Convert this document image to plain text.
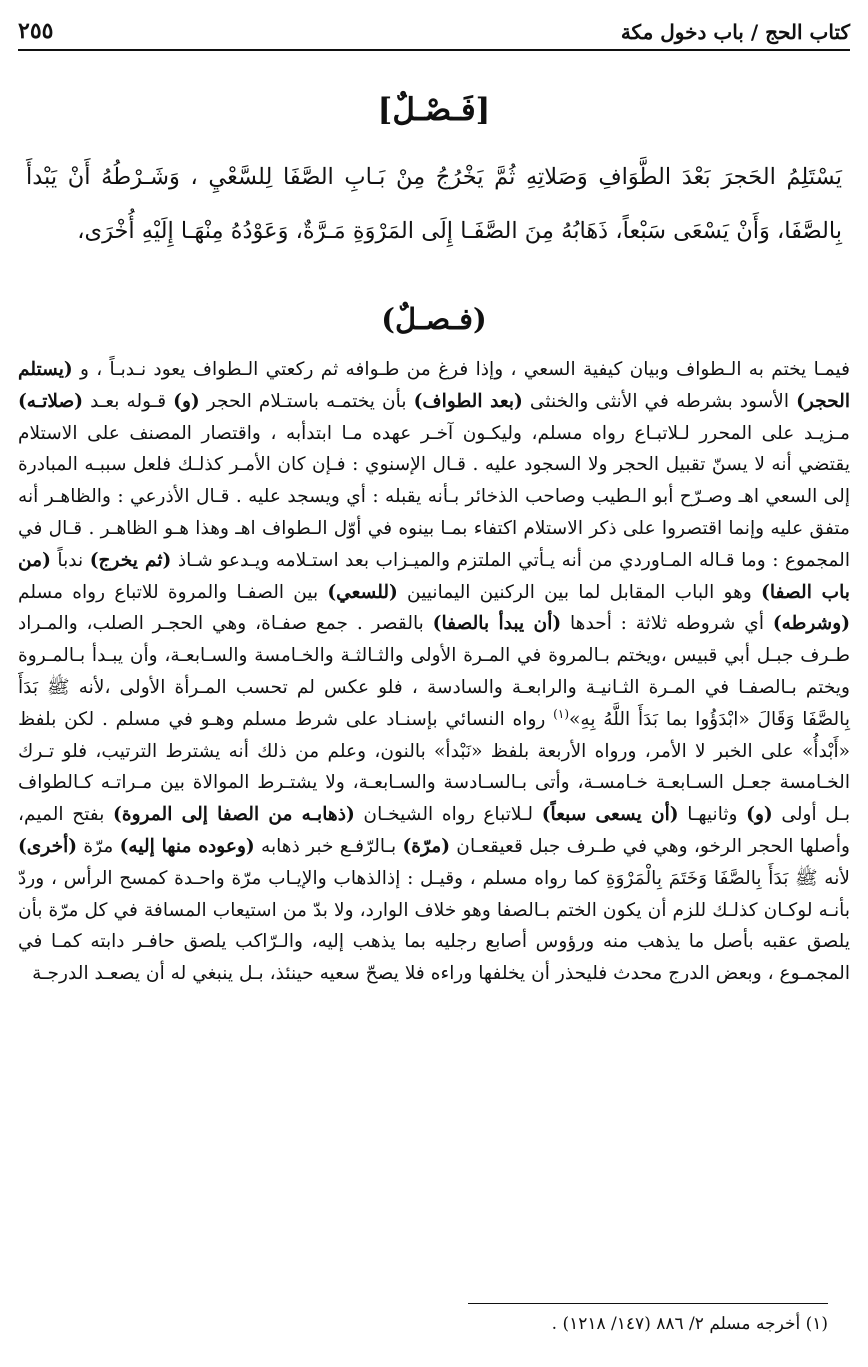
كتاب الحج / باب دخول مكة
٢٥٥
[فَـصْـلٌ]
يَسْتَلِمُ الحَجرَ بَعْدَ الطَّوَافِ وَصَلاتِهِ ثُمَّ يَخْرُجُ مِنْ بَـابِ الصَّفَا لِلسَّعْيِ ، وَشَـرْطُهُ أَنْ يَبْدأَ بِالصَّفَا، وَأَنْ يَسْعَى سَبْعاً، ذَهَابُهُ مِنَ الصَّفَـا إِلَى المَرْوَةِ مَـرَّةٌ، وَعَوْدُهُ مِنْهَـا إِلَيْهِ أُخْرَى،
(فـصـلٌ)
فيمـا يختم به الـطواف وبيان كيفية السعي ، وإذا فرغ من طـوافه ثم ركعتي الـطواف يعود نـدبـاً ، و (يستلم الحجر) الأسود بشرطه في الأنثى والخنثى (بعد الطواف) بأن يختمـه باستـلام الحجر (و) قـوله بعـد (صلاتـه) مـزيـد على المحرر لـلاتبـاع رواه مسلم، وليكـون آخـر عهده مـا ابتدأبه ، واقتصار المصنف على الاستلام يقتضي أنه لا يسنّ تقبيل الحجر ولا السجود عليه . قـال الإسنوي : فـإن كان الأمـر كذلـك فلعل سببـه المبادرة إلى السعي اهـ وصـرّح أبو الـطيب وصاحب الذخائر بـأنه يقبله : أي ويسجد عليه . قـال الأذرعي : والظاهـر أنه متفق عليه وإنما اقتصروا على ذكر الاستلام اكتفاء بمـا بينوه في أوّل الـطواف اهـ وهذا هـو الظاهـر . قـال في المجموع : وما قـاله المـاوردي من أنه يـأتي الملتزم والميـزاب بعد استـلامه ويـدعو شـاذ (ثم يخرج) ندباً (من باب الصفا) وهو الباب المقابل لما بين الركنين اليمانيين (للسعي) بين الصفـا والمروة للاتباع رواه مسلم (وشرطه) أي شروطه ثلاثة : أحدها (أن يبدأ بالصفا) بالقصر . جمع صفـاة، وهي الحجـر الصلب، والمـراد طـرف جبـل أبي قبيس ،ويختم بـالمروة في المـرة الأولى والثـالثـة والخـامسة والسـابعـة، وأن يبـدأ بـالمـروة ويختم بـالصفـا في المـرة الثـانيـة والرابعـة والسادسة ، فلو عكس لم تحسب المـرأة الأولى ،لأنه ﷺ بَدَأَ بِالصَّفَا وَقَالَ «ابْدَؤُوا بما بَدَأَ اللَّهُ بِهِ»$^{(١)}$ رواه النسائي بإسنـاد على شرط مسلم وهـو في مسلم . لكن بلفظ «أَبْدأُ» على الخبر لا الأمر، ورواه الأربعة بلفظ «نَبْدأ» بالنون، وعلم من ذلك أنه يشترط الترتيب، فلو تـرك الخـامسة جعـل السـابعـة خـامسـة، وأتى بـالسـادسة والسـابعـة، ولا يشتـرط الموالاة بين مـراتـه كـالطواف بـل أولى (و) وثانيهـا (أن يسعى سبعاً) لـلاتباع رواه الشيخـان (ذهابـه من الصفا إلى المروة) بفتح الميم، وأصلها الحجر الرخو، وهي في طـرف جبل قعيقعـان (مرّة) بـالرّفـع خبر ذهابه (وعوده منها إليه) مرّة (أخرى) لأنه ﷺ بَدَأَ بِالصَّفَا وَخَتَمَ بِالْمَرْوَةِ كما رواه مسلم ، وقيـل : إذالذهاب والإيـاب مرّة واحـدة كمسح الرأس ، وردّ بأنـه لوكـان كذلـك للزم أن يكون الختم بـالصفا وهو خلاف الوارد، ولا بدّ من استيعاب المسافة في كل مرّة بأن يلصق عقبه بأصل ما يذهب منه ورؤوس أصابع رجليه بما يذهب إليه، والـرّاكب يلصق حافـر دابته كمـا في المجمـوع ، وبعض الدرج محدث فليحذر أن يخلفها وراءه فلا يصحّ سعيه حينئذ، بـل ينبغي له أن يصعـد الدرجـة
(١) أخرجه مسلم ٢/ ٨٨٦ (١٤٧/ ١٢١٨) .
